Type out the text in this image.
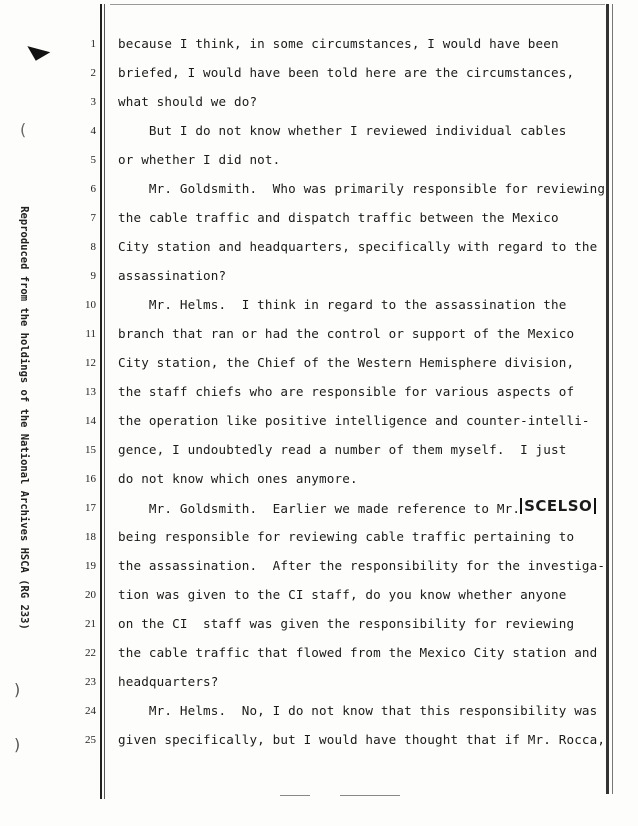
Reproduced from the holdings of the National Archives HSCA (RG 233)
◣
(
)
)
1 because I think, in some circumstances, I would have been
2 briefed, I would have been told here are the circumstances,
3 what should we do?
4 But I do not know whether I reviewed individual cables
5 or whether I did not.
6 Mr. Goldsmith.  Who was primarily responsible for reviewing
7 the cable traffic and dispatch traffic between the Mexico
8 City station and headquarters, specifically with regard to the
9 assassination?
10 Mr. Helms.  I think in regard to the assassination the
11 branch that ran or had the control or support of the Mexico
12 City station, the Chief of the Western Hemisphere division,
13 the staff chiefs who are responsible for various aspects of
14 the operation like positive intelligence and counter-intelli-
15 gence, I undoubtedly read a number of them myself.  I just
16 do not know which ones anymore.
17 Mr. Goldsmith.  Earlier we made reference to Mr. SCELSO
18 being responsible for reviewing cable traffic pertaining to
19 the assassination.  After the responsibility for the investiga-
20 tion was given to the CI staff, do you know whether anyone
21 on the CI  staff was given the responsibility for reviewing
22 the cable traffic that flowed from the Mexico City station and
23 headquarters?
24 Mr. Helms.  No, I do not know that this responsibility was
25 given specifically, but I would have thought that if Mr. Rocca,
